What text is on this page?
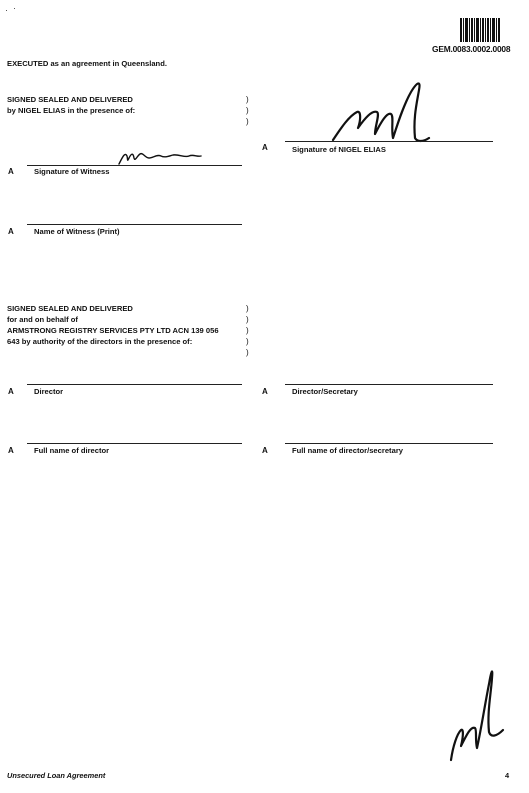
GEM.0083.0002.0008
EXECUTED as an agreement in Queensland.
SIGNED SEALED AND DELIVERED
by NIGEL ELIAS in the presence of:
)
)
)
A	Signature of NIGEL ELIAS
A	Signature of Witness
A	Name of Witness (Print)
SIGNED SEALED AND DELIVERED
for and on behalf of
ARMSTRONG REGISTRY SERVICES PTY LTD ACN 139 056
643 by authority of the directors in the presence of:
)
)
)
)
)
A	Director	A	Director/Secretary
A	Full name of director	A	Full name of director/secretary
Unsecured Loan Agreement	4
